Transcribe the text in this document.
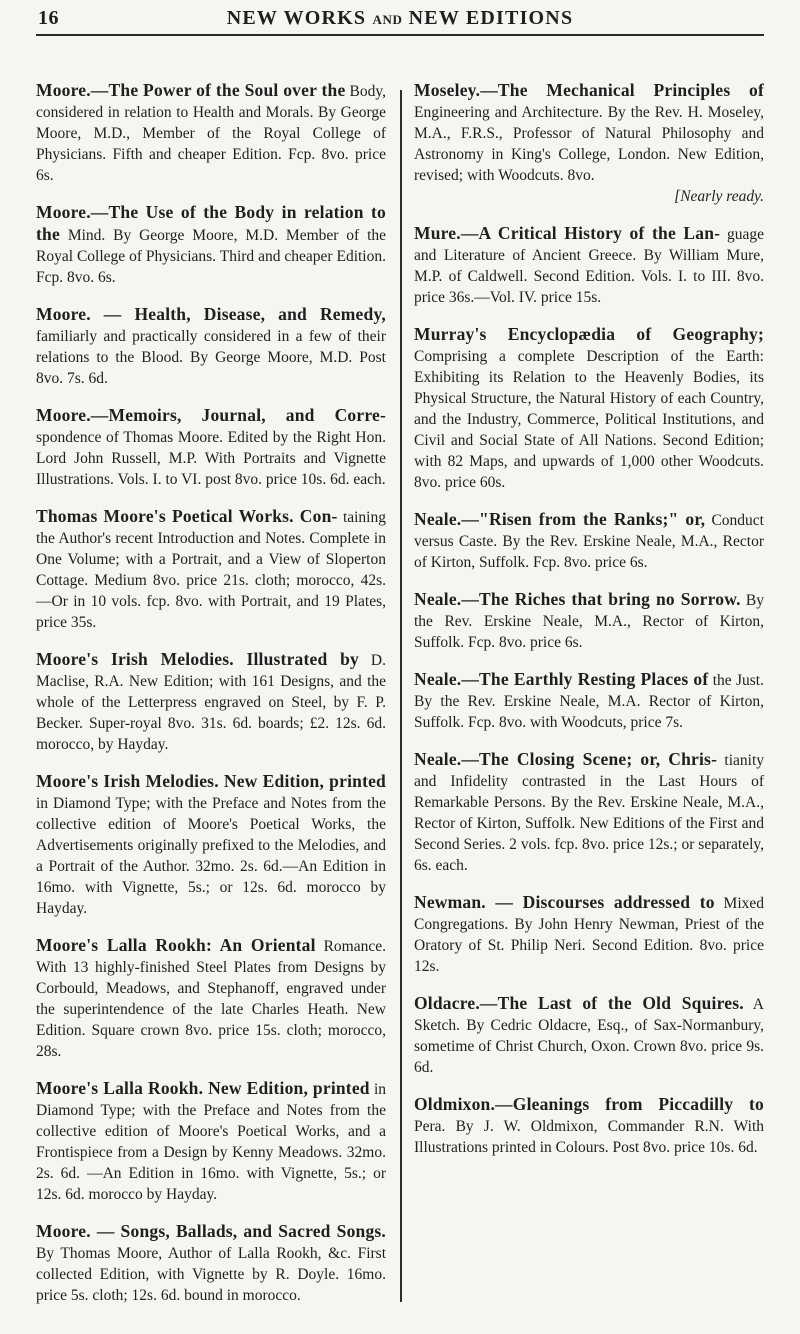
16	NEW WORKS AND NEW EDITIONS
Moore.—The Power of the Soul over the Body, considered in relation to Health and Morals. By George Moore, M.D., Member of the Royal College of Physicians. Fifth and cheaper Edition. Fcp. 8vo. price 6s.
Moore.—The Use of the Body in relation to the Mind. By George Moore, M.D. Member of the Royal College of Physicians. Third and cheaper Edition. Fcp. 8vo. 6s.
Moore. — Health, Disease, and Remedy, familiarly and practically considered in a few of their relations to the Blood. By George Moore, M.D. Post 8vo. 7s. 6d.
Moore.—Memoirs, Journal, and Corre- spondence of Thomas Moore. Edited by the Right Hon. Lord John Russell, M.P. With Portraits and Vignette Illustrations. Vols. I. to VI. post 8vo. price 10s. 6d. each.
Thomas Moore's Poetical Works. Con- taining the Author's recent Introduction and Notes. Complete in One Volume; with a Portrait, and a View of Sloperton Cottage. Medium 8vo. price 21s. cloth; morocco, 42s. —Or in 10 vols. fcp. 8vo. with Portrait, and 19 Plates, price 35s.
Moore's Irish Melodies. Illustrated by D. Maclise, R.A. New Edition; with 161 Designs, and the whole of the Letterpress engraved on Steel, by F. P. Becker. Super-royal 8vo. 31s. 6d. boards; £2. 12s. 6d. morocco, by Hayday.
Moore's Irish Melodies. New Edition, printed in Diamond Type; with the Preface and Notes from the collective edition of Moore's Poetical Works, the Advertisements originally prefixed to the Melodies, and a Portrait of the Author. 32mo. 2s. 6d.—An Edition in 16mo. with Vignette, 5s.; or 12s. 6d. morocco by Hayday.
Moore's Lalla Rookh: An Oriental Romance. With 13 highly-finished Steel Plates from Designs by Corbould, Meadows, and Stephanoff, engraved under the superintendence of the late Charles Heath. New Edition. Square crown 8vo. price 15s. cloth; morocco, 28s.
Moore's Lalla Rookh. New Edition, printed in Diamond Type; with the Preface and Notes from the collective edition of Moore's Poetical Works, and a Frontispiece from a Design by Kenny Meadows. 32mo. 2s. 6d. —An Edition in 16mo. with Vignette, 5s.; or 12s. 6d. morocco by Hayday.
Moore. — Songs, Ballads, and Sacred Songs. By Thomas Moore, Author of Lalla Rookh, &c. First collected Edition, with Vignette by R. Doyle. 16mo. price 5s. cloth; 12s. 6d. bound in morocco.
Moseley.—The Mechanical Principles of Engineering and Architecture. By the Rev. H. Moseley, M.A., F.R.S., Professor of Natural Philosophy and Astronomy in King's College, London. New Edition, revised; with Woodcuts. 8vo.
[Nearly ready.
Mure.—A Critical History of the Lan- guage and Literature of Ancient Greece. By William Mure, M.P. of Caldwell. Second Edition. Vols. I. to III. 8vo. price 36s.—Vol. IV. price 15s.
Murray's Encyclopædia of Geography; Comprising a complete Description of the Earth: Exhibiting its Relation to the Heavenly Bodies, its Physical Structure, the Natural History of each Country, and the Industry, Commerce, Political Institutions, and Civil and Social State of All Nations. Second Edition; with 82 Maps, and upwards of 1,000 other Woodcuts. 8vo. price 60s.
Neale.—"Risen from the Ranks;" or, Conduct versus Caste. By the Rev. Erskine Neale, M.A., Rector of Kirton, Suffolk. Fcp. 8vo. price 6s.
Neale.—The Riches that bring no Sorrow. By the Rev. Erskine Neale, M.A., Rector of Kirton, Suffolk. Fcp. 8vo. price 6s.
Neale.—The Earthly Resting Places of the Just. By the Rev. Erskine Neale, M.A. Rector of Kirton, Suffolk. Fcp. 8vo. with Woodcuts, price 7s.
Neale.—The Closing Scene; or, Chris- tianity and Infidelity contrasted in the Last Hours of Remarkable Persons. By the Rev. Erskine Neale, M.A., Rector of Kirton, Suffolk. New Editions of the First and Second Series. 2 vols. fcp. 8vo. price 12s.; or separately, 6s. each.
Newman. — Discourses addressed to Mixed Congregations. By John Henry Newman, Priest of the Oratory of St. Philip Neri. Second Edition. 8vo. price 12s.
Oldacre.—The Last of the Old Squires. A Sketch. By Cedric Oldacre, Esq., of Sax-Normanbury, sometime of Christ Church, Oxon. Crown 8vo. price 9s. 6d.
Oldmixon.—Gleanings from Piccadilly to Pera. By J. W. Oldmixon, Commander R.N. With Illustrations printed in Colours. Post 8vo. price 10s. 6d.
